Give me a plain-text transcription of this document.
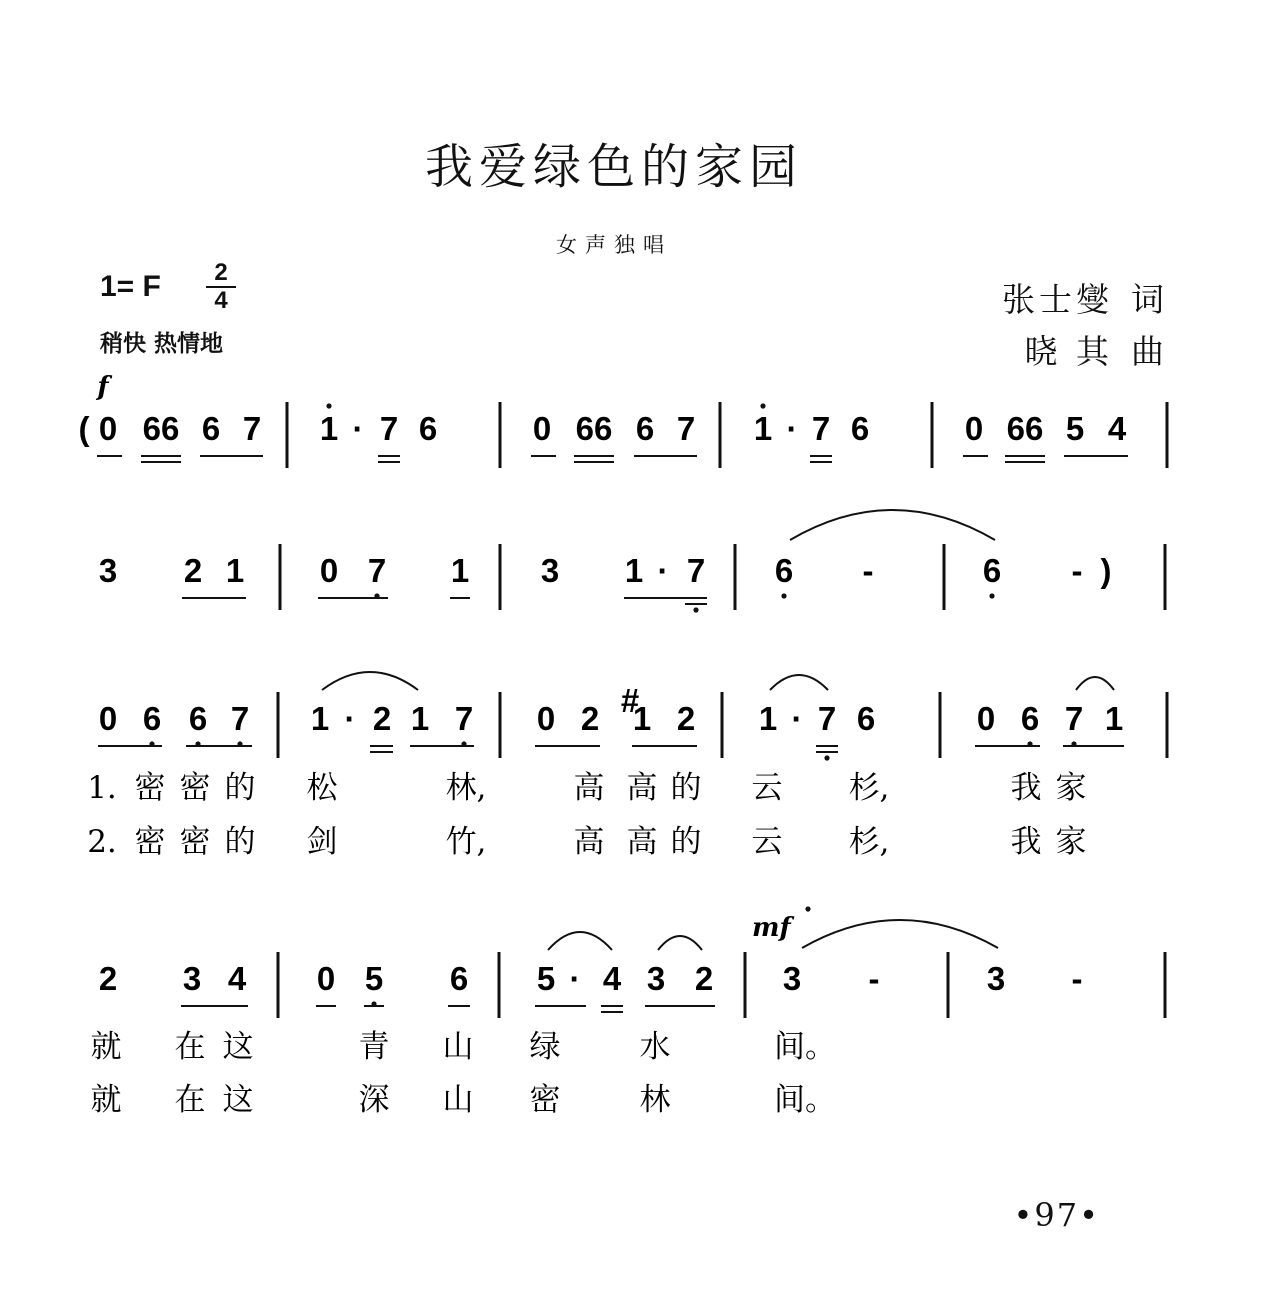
我爱绿色的家园
女声独唱
1= F	2
4
稍快 热情地
张士燮 词
晓 其 曲
(
f
0 66 6 7 1 7 6	0 66 6 7 1 7 6	0 66 5 4
·	·
3 2 1 0 7 1 3 1 7 6	6
·	-	- )
0 6 6 7 1 2 1 7 0 2 1 2 1 7 6	0 6 7 1
·	·
#
1. 密 密 的 松	林,	高 高 的 云 杉,	我 家
2. 密 密 的 剑	竹,	高 高 的 云 杉,	我 家
2 3 4 0 5 6 5 4 3 2 3	3
·	-	-
mf
就 在 这	青 山 绿	水	间。
就 在 这	深 山 密	林	间。
•97•
